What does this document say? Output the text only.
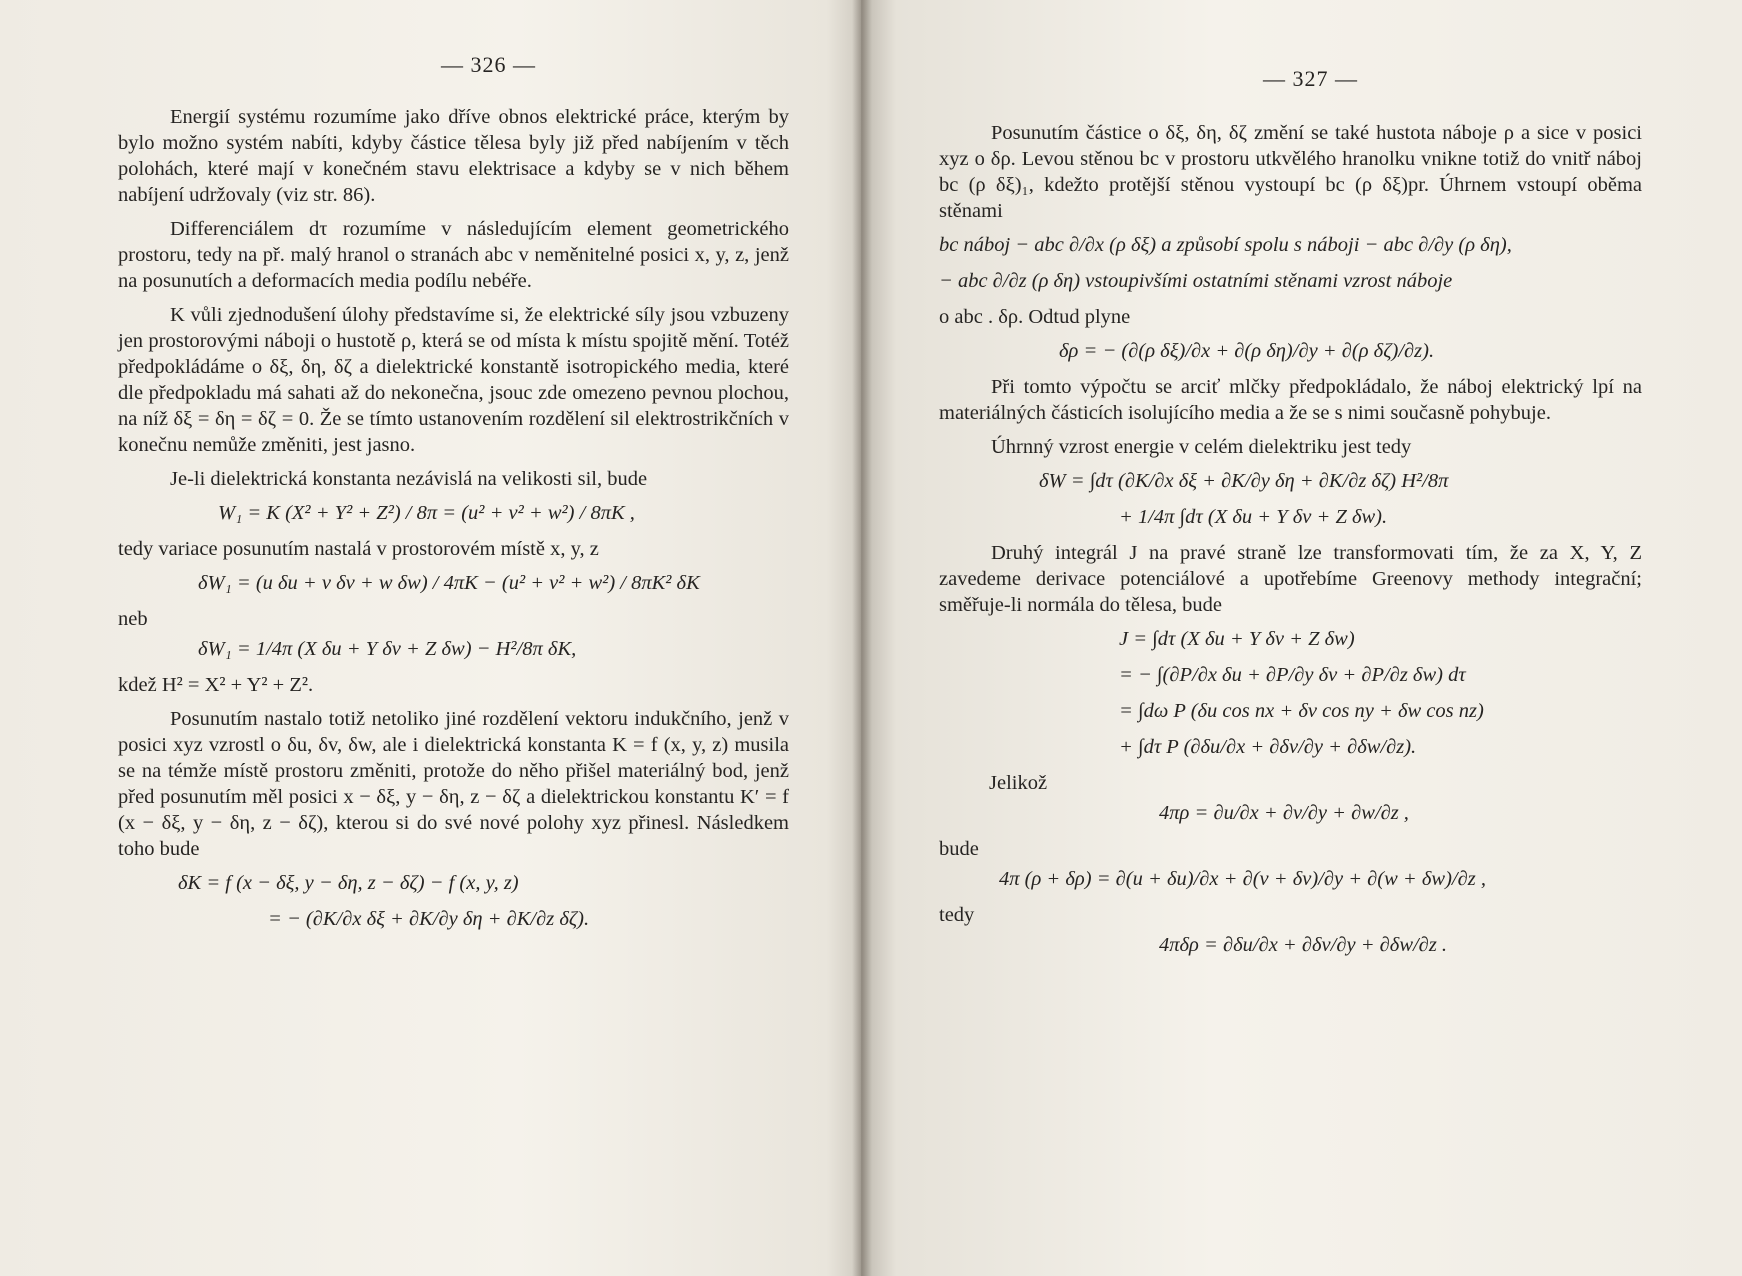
— 326 —

Energií systému rozumíme jako dříve obnos elektrické práce, kterým by bylo možno systém nabíti, kdyby částice tělesa byly již před nabíjením v těch polohách, které mají v konečném stavu elektrisace a kdyby se v nich během nabíjení udržovaly (viz str. 86).

Differenciálem dτ rozumíme v následujícím element geometrického prostoru, tedy na př. malý hranol o stranách abc v neměnitelné posici x, y, z, jenž na posunutích a deformacích media podílu nebéře.

K vůli zjednodušení úlohy představíme si, že elektrické síly jsou vzbuzeny jen prostorovými náboji o hustotě ρ, která se od místa k místu spojitě mění. Totéž předpokládáme o δξ, δη, δζ a dielektrické konstantě isotropického media, které dle předpokladu má sahati až do nekonečna, jsouc zde omezeno pevnou plochou, na níž δξ = δη = δζ = 0. Že se tímto ustanovením rozdělení sil elektrostrikčních v konečnu nemůže změniti, jest jasno.

Je-li dielektrická konstanta nezávislá na velikosti sil, bude

W₁ = K (X² + Y² + Z²) / 8π = (u² + v² + w²) / 8πK ,

tedy variace posunutím nastalá v prostorovém místě x, y, z

δW₁ = (u δu + v δv + w δw) / 4πK − (u² + v² + w²) / 8πK² δK
neb
δW₁ = 1/4π (X δu + Y δv + Z δw) − H²/8π δK,

kdež H² = X² + Y² + Z².

Posunutím nastalo totiž netoliko jiné rozdělení vektoru indukčního, jenž v posici xyz vzrostl o δu, δv, δw, ale i dielektrická konstanta K = f (x, y, z) musila se na témže místě prostoru změniti, protože do něho přišel materiálný bod, jenž před posunutím měl posici x − δξ, y − δη, z − δζ a dielektrickou konstantu K′ = f (x − δξ, y − δη, z − δζ), kterou si do své nové polohy xyz přinesl. Následkem toho bude

δK = f (x − δξ, y − δη, z − δζ) − f (x, y, z)
= − (∂K/∂x δξ + ∂K/∂y δη + ∂K/∂z δζ).
— 327 —

Posunutím částice o δξ, δη, δζ změní se také hustota náboje ρ a sice v posici xyz o δρ. Levou stěnou bc v prostoru utkvělého hranolku vnikne totiž do vnitř náboj bc (ρ δξ)₁, kdežto protější stěnou vystoupí bc (ρ δξ)pr. Úhrnem vstoupí oběma stěnami

bc náboj − abc ∂/∂x (ρ δξ) a způsobí spolu s náboji − abc ∂/∂y (ρ δη),
− abc ∂/∂z (ρ δη) vstoupivšími ostatními stěnami vzrost náboje

o abc . δρ. Odtud plyne

δρ = − (∂(ρ δξ)/∂x + ∂(ρ δη)/∂y + ∂(ρ δζ)/∂z).

Při tomto výpočtu se arciť mlčky předpokládalo, že náboj elektrický lpí na materiálných částicích isolujícího media a že se s nimi současně pohybuje.

Úhrnný vzrost energie v celém dielektriku jest tedy

δW = ∫dτ (∂K/∂x δξ + ∂K/∂y δη + ∂K/∂z δζ) H²/8π
+ 1/4π ∫dτ (X δu + Y δv + Z δw).

Druhý integrál J na pravé straně lze transformovati tím, že za X, Y, Z zavedeme derivace potenciálové a upotřebíme Greenovy methody integrační; směřuje-li normála do tělesa, bude

J = ∫dτ (X δu + Y δv + Z δw)
= − ∫(∂P/∂x δu + ∂P/∂y δv + ∂P/∂z δw) dτ
= ∫dω P (δu cos nx + δv cos ny + δw cos nz)
+ ∫dτ P (∂δu/∂x + ∂δv/∂y + ∂δw/∂z).
Jelikož
4πρ = ∂u/∂x + ∂v/∂y + ∂w/∂z ,
bude
4π (ρ + δρ) = ∂(u + δu)/∂x + ∂(v + δv)/∂y + ∂(w + δw)/∂z ,
tedy
4πδρ = ∂δu/∂x + ∂δv/∂y + ∂δw/∂z .
